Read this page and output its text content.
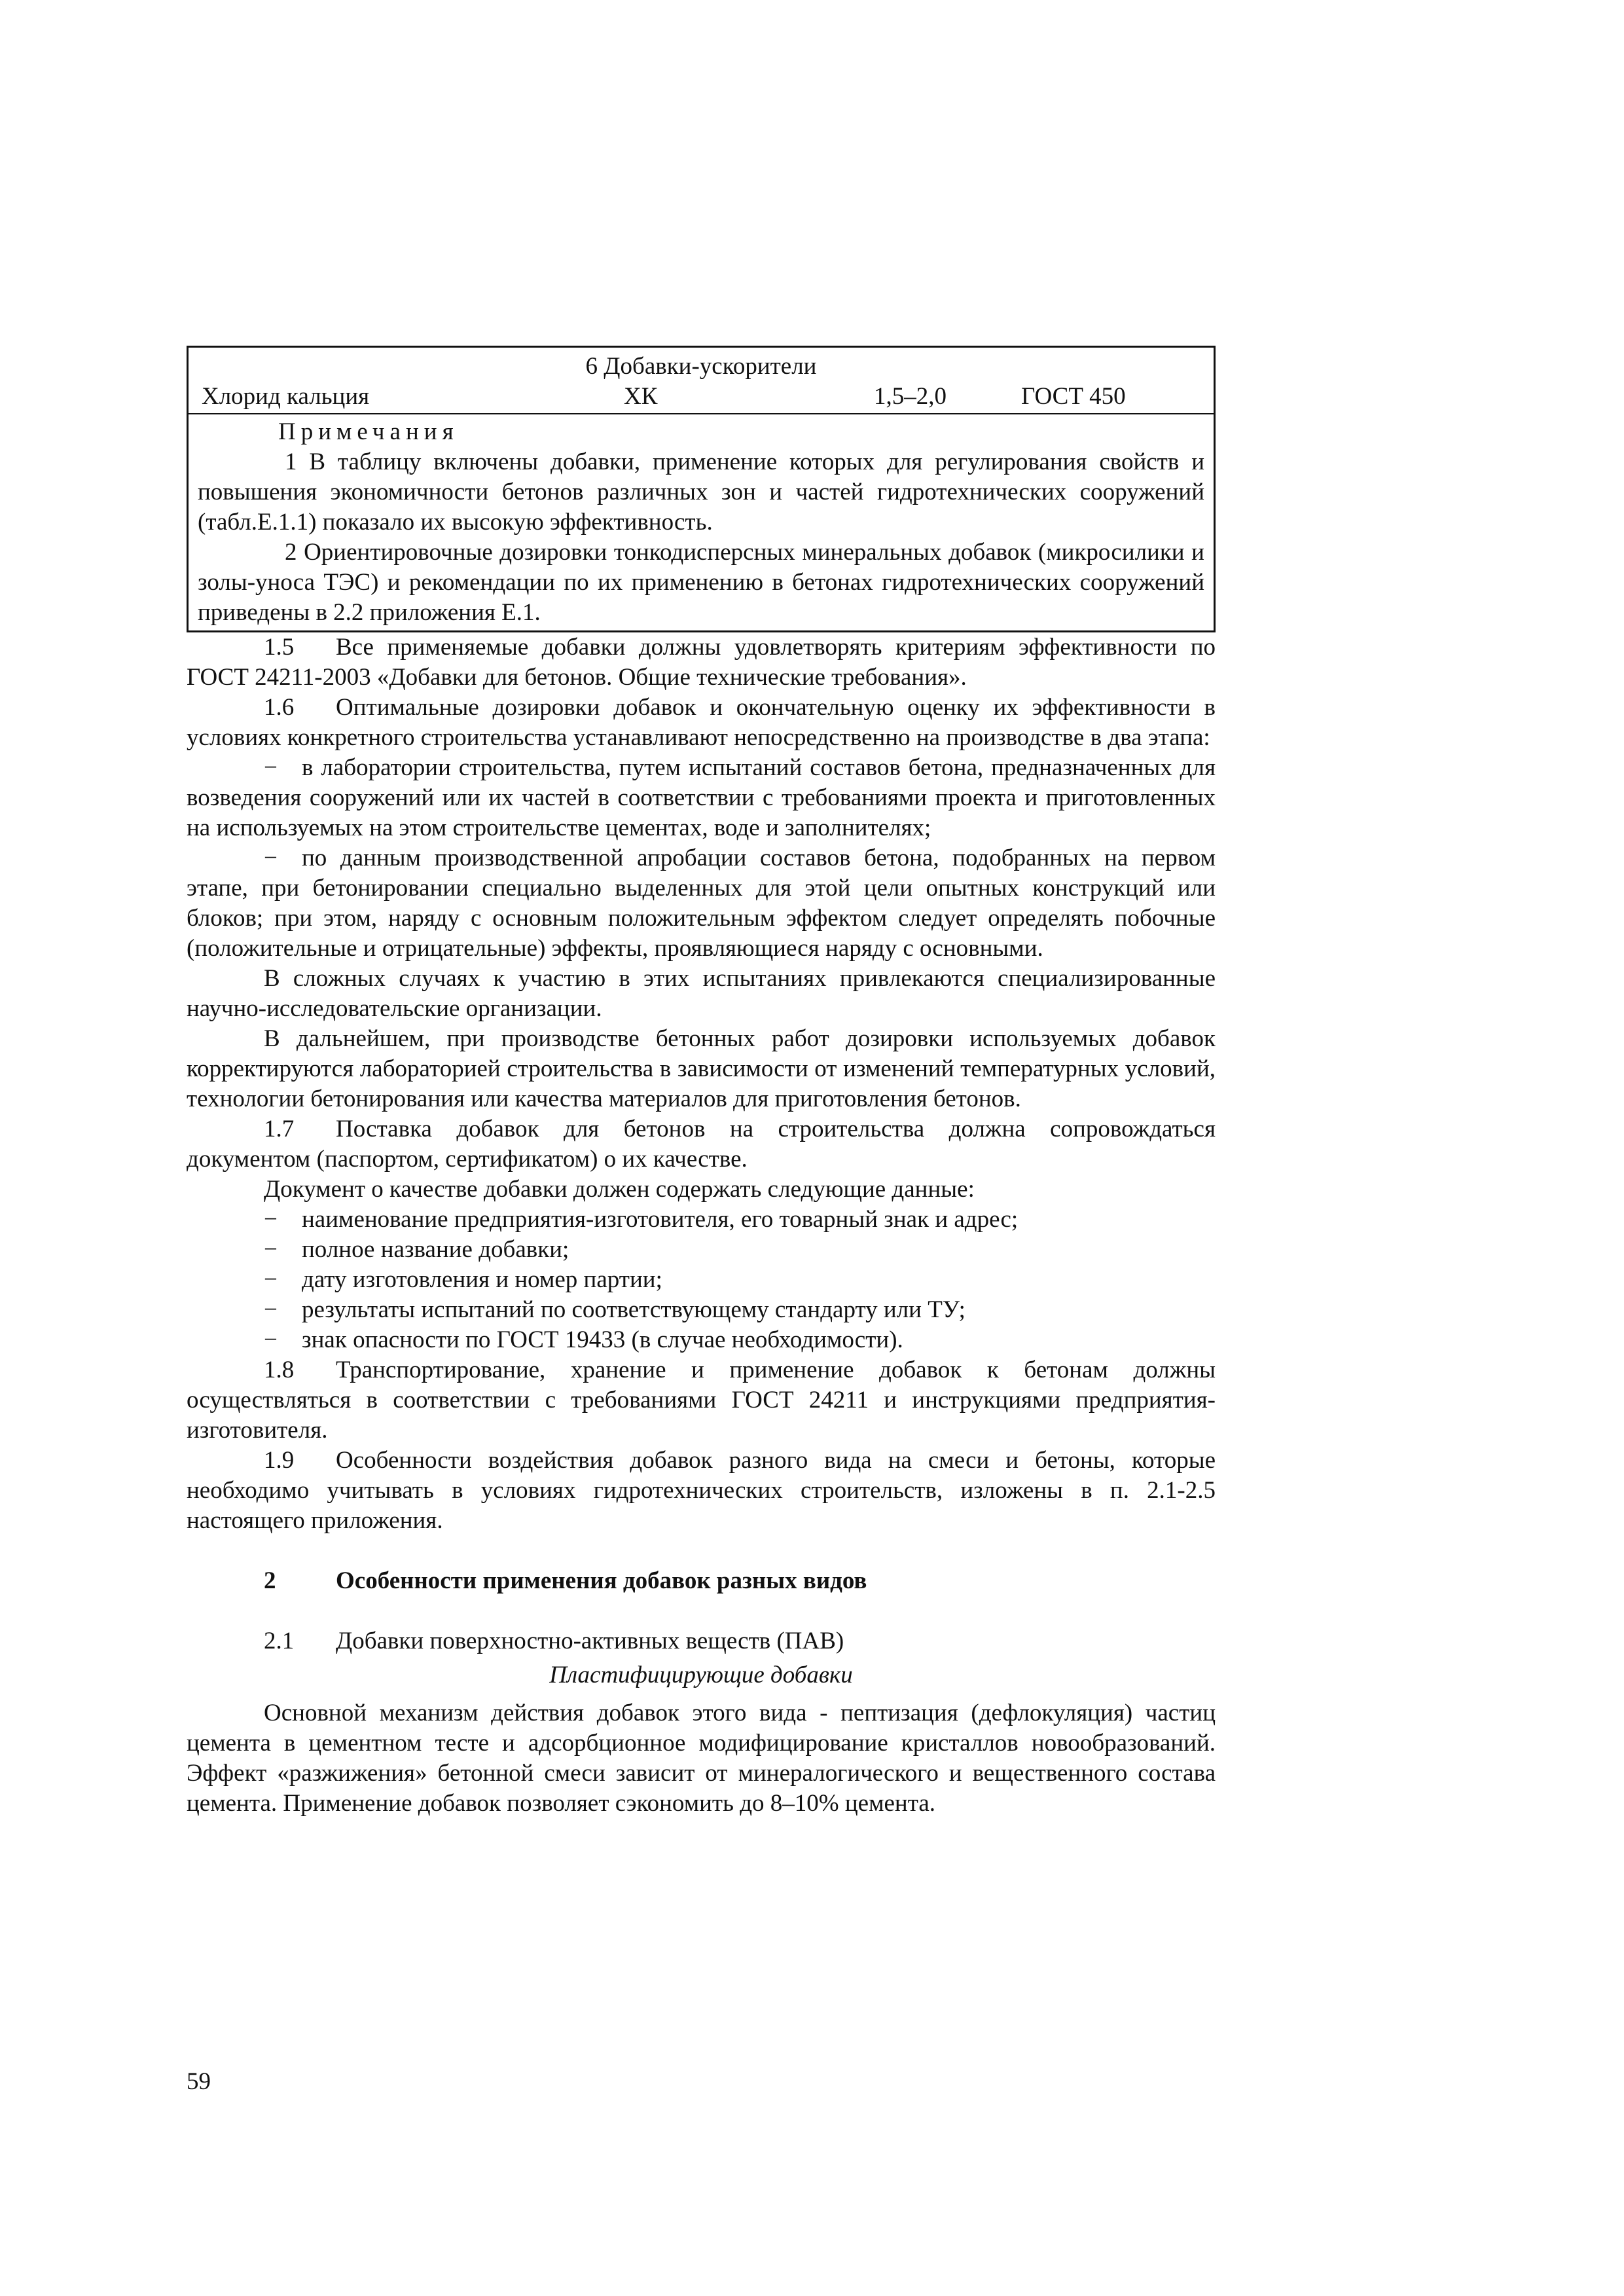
6 Добавки-ускорители
Хлорид кальция	ХК	1,5–2,0	ГОСТ 450
Примечания

1 В таблицу включены добавки, применение которых для регулирования свойств и повышения экономичности бетонов различных зон и частей гидротехнических сооружений (табл.Е.1.1) показало их высокую эффективность.

2 Ориентировочные дозировки тонкодисперсных минеральных добавок (микросилики и золы-уноса ТЭС) и рекомендации по их применению в бетонах гидротехнических сооружений приведены в 2.2 приложения Е.1.

1.5 Все применяемые добавки должны удовлетворять критериям эффективности по ГОСТ 24211-2003 «Добавки для бетонов. Общие технические требования».

1.6 Оптимальные дозировки добавок и окончательную оценку их эффективности в условиях конкретного строительства устанавливают непосредственно на производстве в два этапа:

− в лаборатории строительства, путем испытаний составов бетона, предназначенных для возведения сооружений или их частей в соответствии с требованиями проекта и приготовленных на используемых на этом строительстве цементах, воде и заполнителях;

− по данным производственной апробации составов бетона, подобранных на первом этапе, при бетонировании специально выделенных для этой цели опытных конструкций или блоков; при этом, наряду с основным положительным эффектом следует определять побочные (положительные и отрицательные) эффекты, проявляющиеся наряду с основными.

В сложных случаях к участию в этих испытаниях привлекаются специализированные научно-исследовательские организации.

В дальнейшем, при производстве бетонных работ дозировки используемых добавок корректируются лабораторией строительства в зависимости от изменений температурных условий, технологии бетонирования или качества материалов для приготовления бетонов.

1.7 Поставка добавок для бетонов на строительства должна сопровождаться документом (паспортом, сертификатом) о их качестве.

Документ о качестве добавки должен содержать следующие данные:

− наименование предприятия-изготовителя, его товарный знак и адрес;

− полное название добавки;

− дату изготовления и номер партии;

− результаты испытаний по соответствующему стандарту или ТУ;

− знак опасности по ГОСТ 19433 (в случае необходимости).

1.8 Транспортирование, хранение и применение добавок к бетонам должны осуществляться в соответствии с требованиями ГОСТ 24211 и инструкциями предприятия-изготовителя.

1.9 Особенности воздействия добавок разного вида на смеси и бетоны, которые необходимо учитывать в условиях гидротехнических строительств, изложены в п. 2.1-2.5 настоящего приложения.

2 Особенности применения добавок разных видов

2.1 Добавки поверхностно-активных веществ (ПАВ)

Пластифицирующие добавки

Основной механизм действия добавок этого вида - пептизация (дефлокуляция) частиц цемента в цементном тесте и адсорбционное модифицирование кристаллов новообразований. Эффект «разжижения» бетонной смеси зависит от минералогического и вещественного состава цемента. Применение добавок позволяет сэкономить до 8–10% цемента.

59
